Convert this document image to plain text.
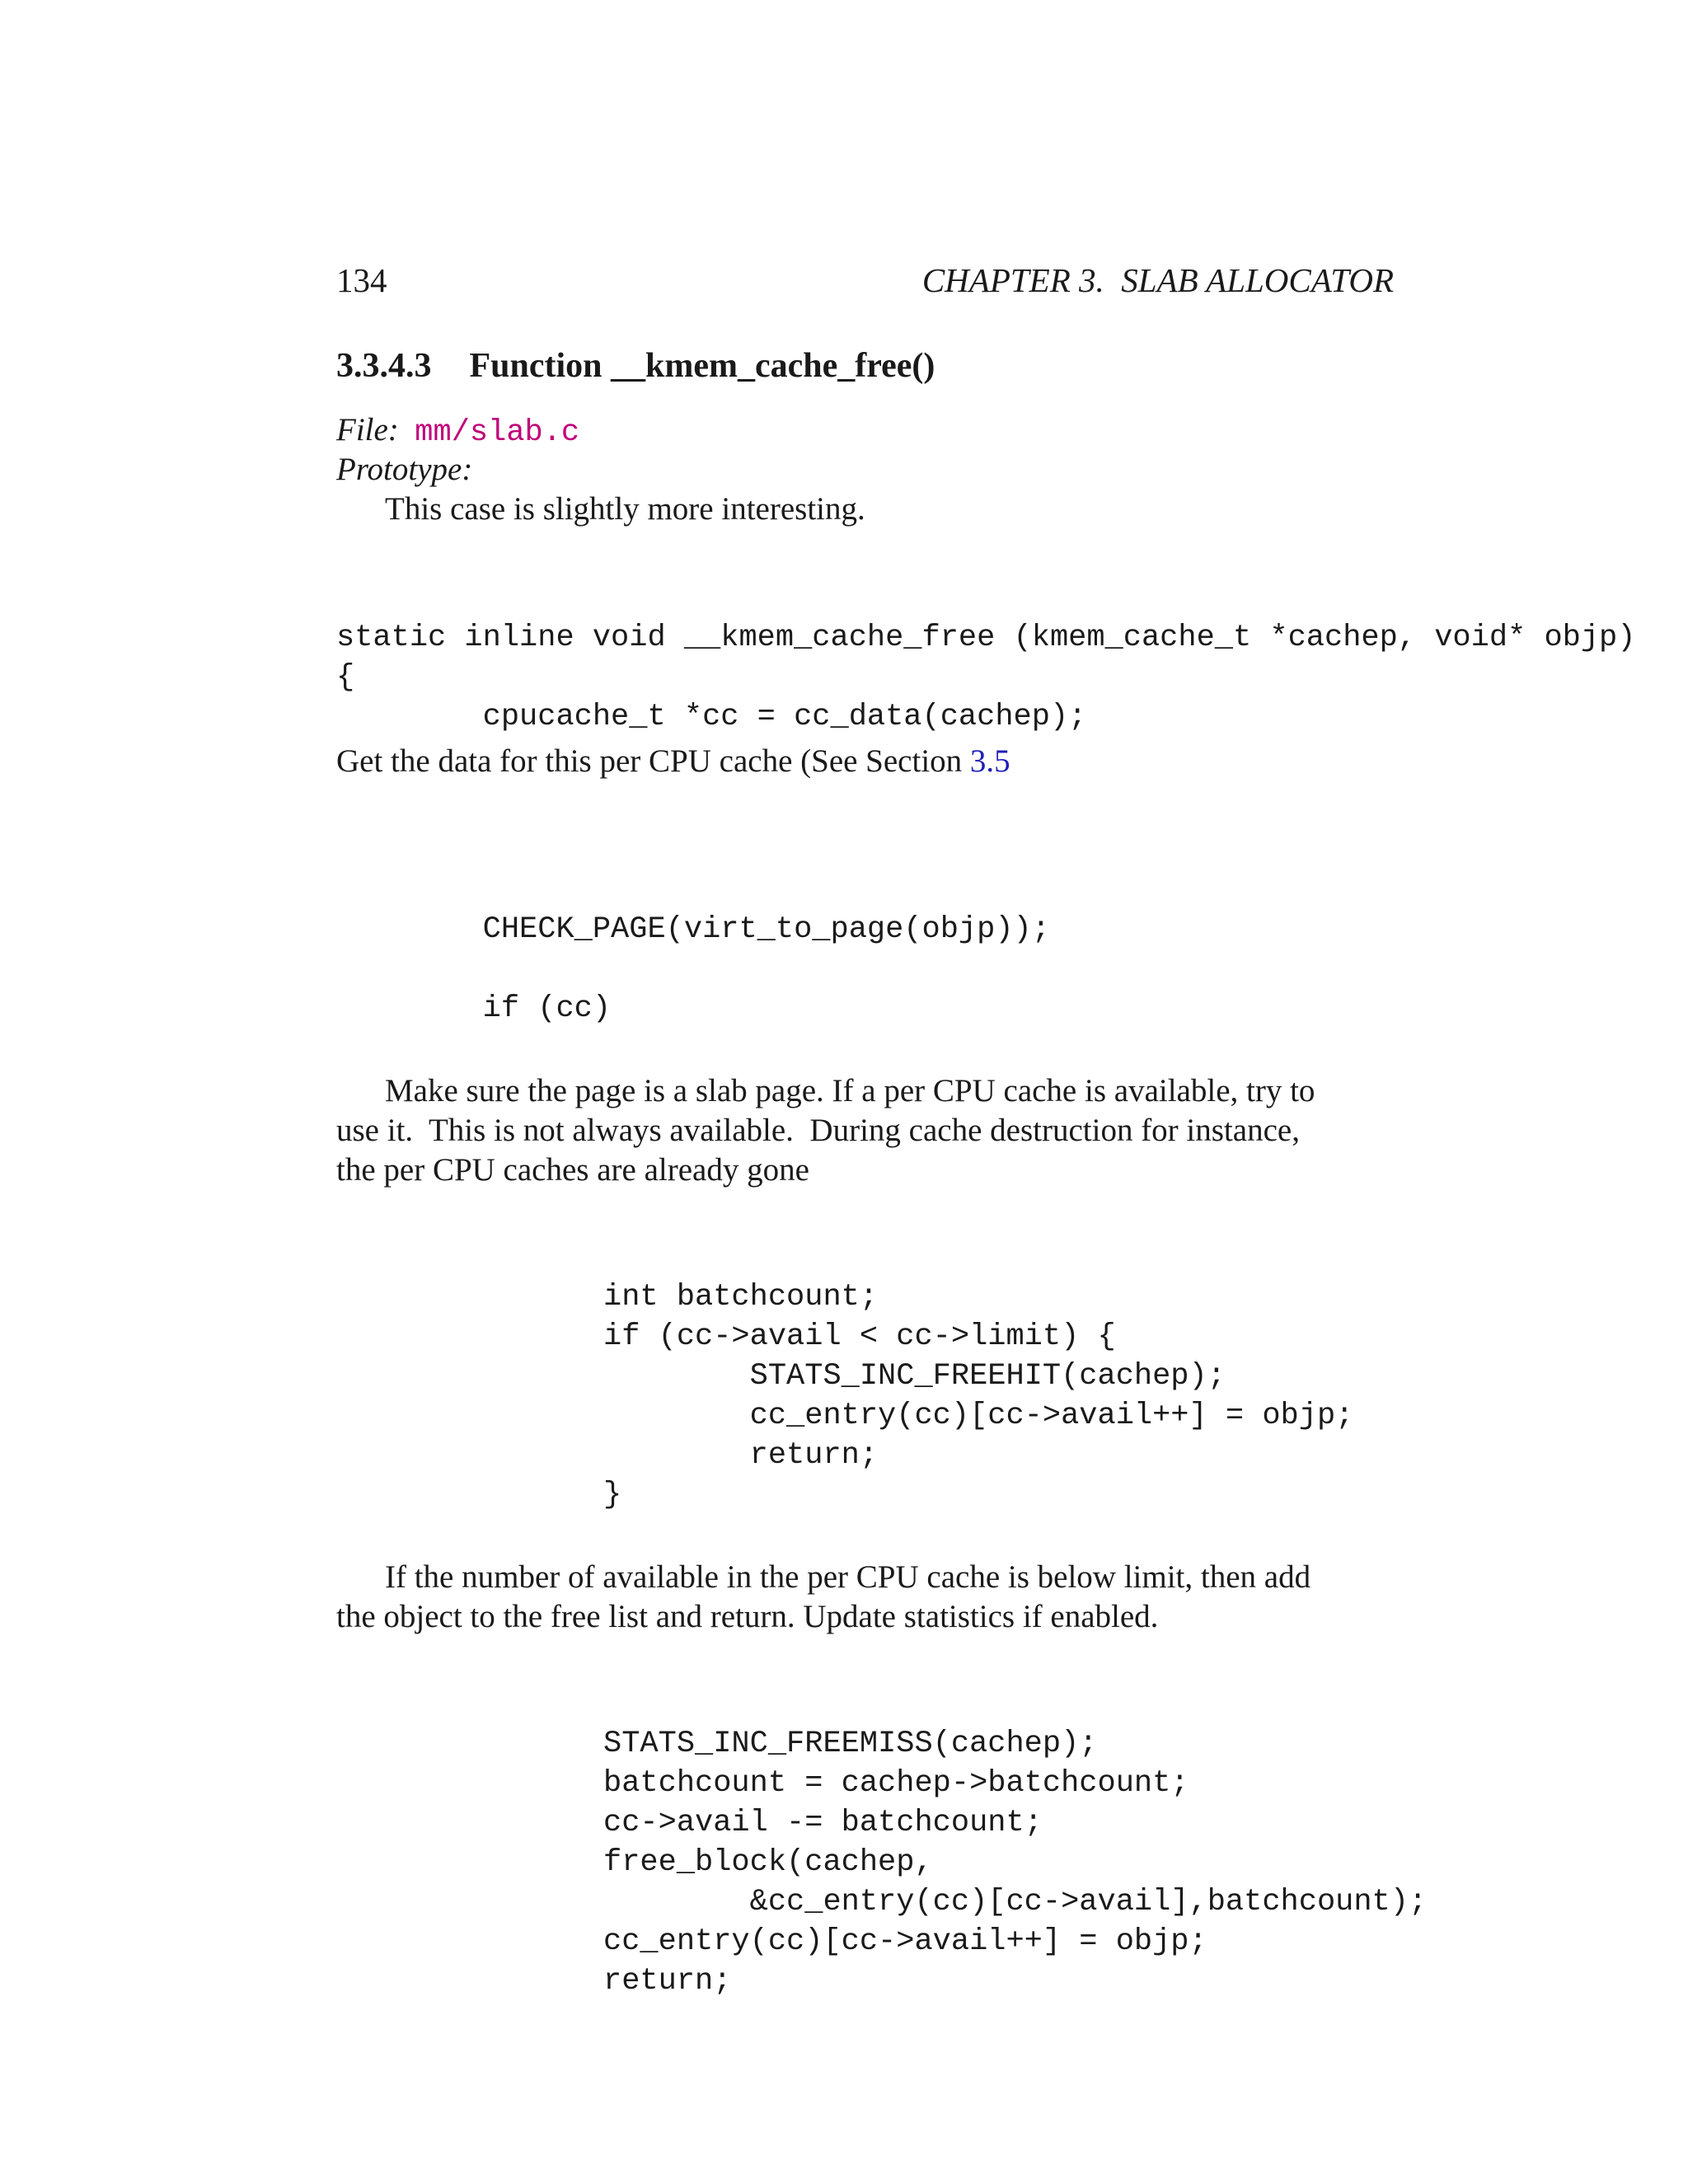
134	CHAPTER 3.  SLAB ALLOCATOR
3.3.4.3 Function __kmem_cache_free()
File: mm/slab.c
Prototype:
This case is slightly more interesting.

static inline void __kmem_cache_free (kmem_cache_t *cachep, void* objp)
{
cpucache_t *cc = cc_data(cachep);
Get the data for this per CPU cache (See Section 3.5

CHECK_PAGE(virt_to_page(objp));

if (cc)

Make sure the page is a slab page. If a per CPU cache is available, try to
use it.  This is not always available.  During cache destruction for instance,
the per CPU caches are already gone

int batchcount;
if (cc->avail < cc->limit) {
STATS_INC_FREEHIT(cachep);
cc_entry(cc)[cc->avail++] = objp;
return;
}

If the number of available in the per CPU cache is below limit, then add
the object to the free list and return. Update statistics if enabled.

STATS_INC_FREEMISS(cachep);
batchcount = cachep->batchcount;
cc->avail -= batchcount;
free_block(cachep,
&cc_entry(cc)[cc->avail],batchcount);
cc_entry(cc)[cc->avail++] = objp;
return;
